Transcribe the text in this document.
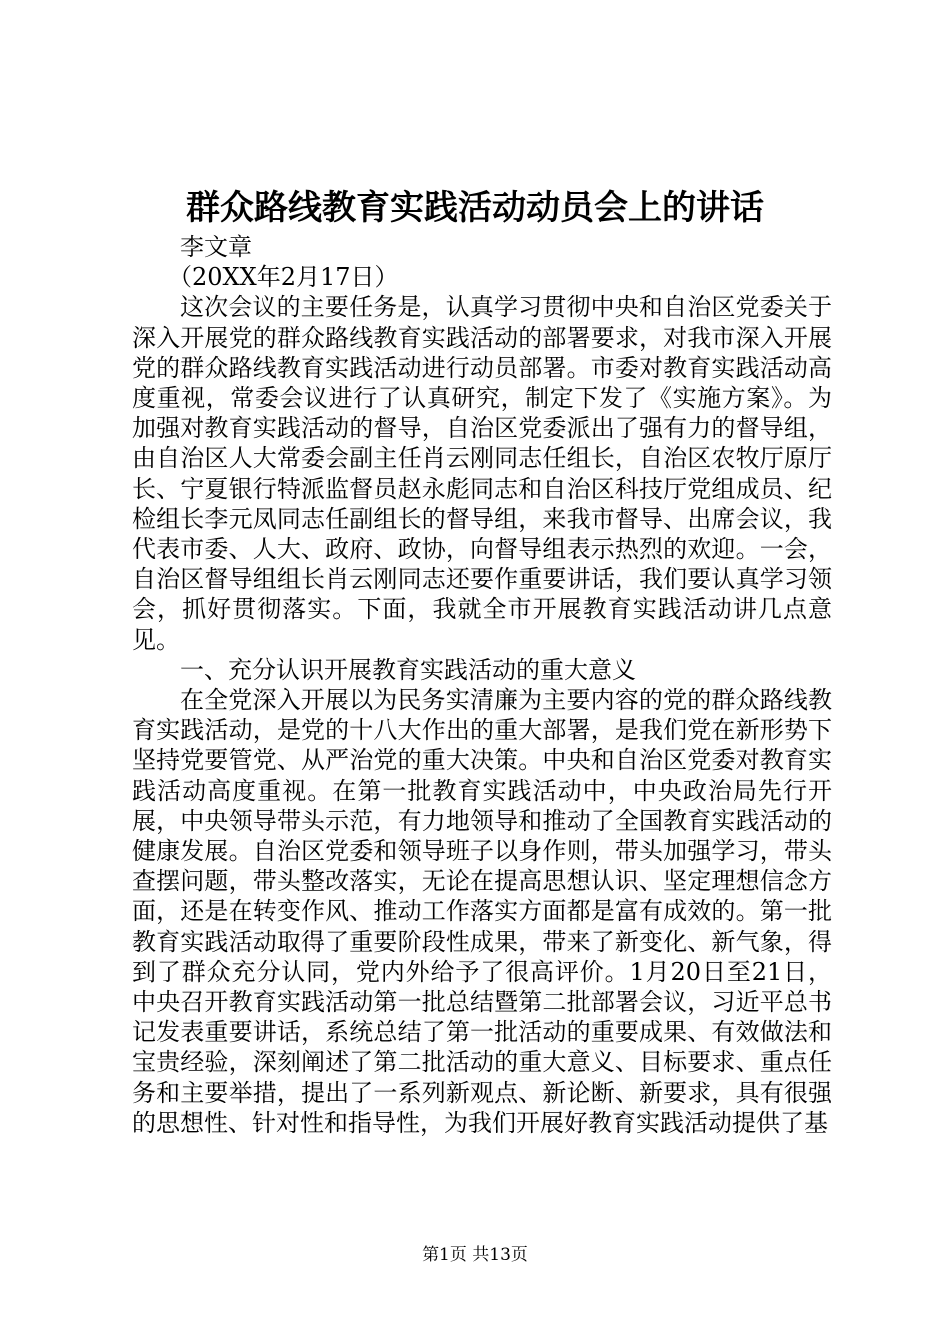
群众路线教育实践活动动员会上的讲话

李文章

（20XX年2月17日）

这次会议的主要任务是，认真学习贯彻中央和自治区党委关于深入开展党的群众路线教育实践活动的部署要求，对我市深入开展党的群众路线教育实践活动进行动员部署。市委对教育实践活动高度重视，常委会议进行了认真研究，制定下发了《实施方案》。为加强对教育实践活动的督导，自治区党委派出了强有力的督导组，由自治区人大常委会副主任肖云刚同志任组长，自治区农牧厅原厅长、宁夏银行特派监督员赵永彪同志和自治区科技厅党组成员、纪检组长李元凤同志任副组长的督导组，来我市督导、出席会议，我代表市委、人大、政府、政协，向督导组表示热烈的欢迎。一会，自治区督导组组长肖云刚同志还要作重要讲话，我们要认真学习领会，抓好贯彻落实。下面，我就全市开展教育实践活动讲几点意见。

一、充分认识开展教育实践活动的重大意义

在全党深入开展以为民务实清廉为主要内容的党的群众路线教育实践活动，是党的十八大作出的重大部署，是我们党在新形势下坚持党要管党、从严治党的重大决策。中央和自治区党委对教育实践活动高度重视。在第一批教育实践活动中，中央政治局先行开展，中央领导带头示范，有力地领导和推动了全国教育实践活动的健康发展。自治区党委和领导班子以身作则，带头加强学习，带头查摆问题，带头整改落实，无论在提高思想认识、坚定理想信念方面，还是在转变作风、推动工作落实方面都是富有成效的。第一批教育实践活动取得了重要阶段性成果，带来了新变化、新气象，得到了群众充分认同，党内外给予了很高评价。1月20日至21日，中央召开教育实践活动第一批总结暨第二批部署会议，习近平总书记发表重要讲话，系统总结了第一批活动的重要成果、有效做法和宝贵经验，深刻阐述了第二批活动的重大意义、目标要求、重点任务和主要举措，提出了一系列新观点、新论断、新要求，具有很强的思想性、针对性和指导性，为我们开展好教育实践活动提供了基

第1页 共13页
